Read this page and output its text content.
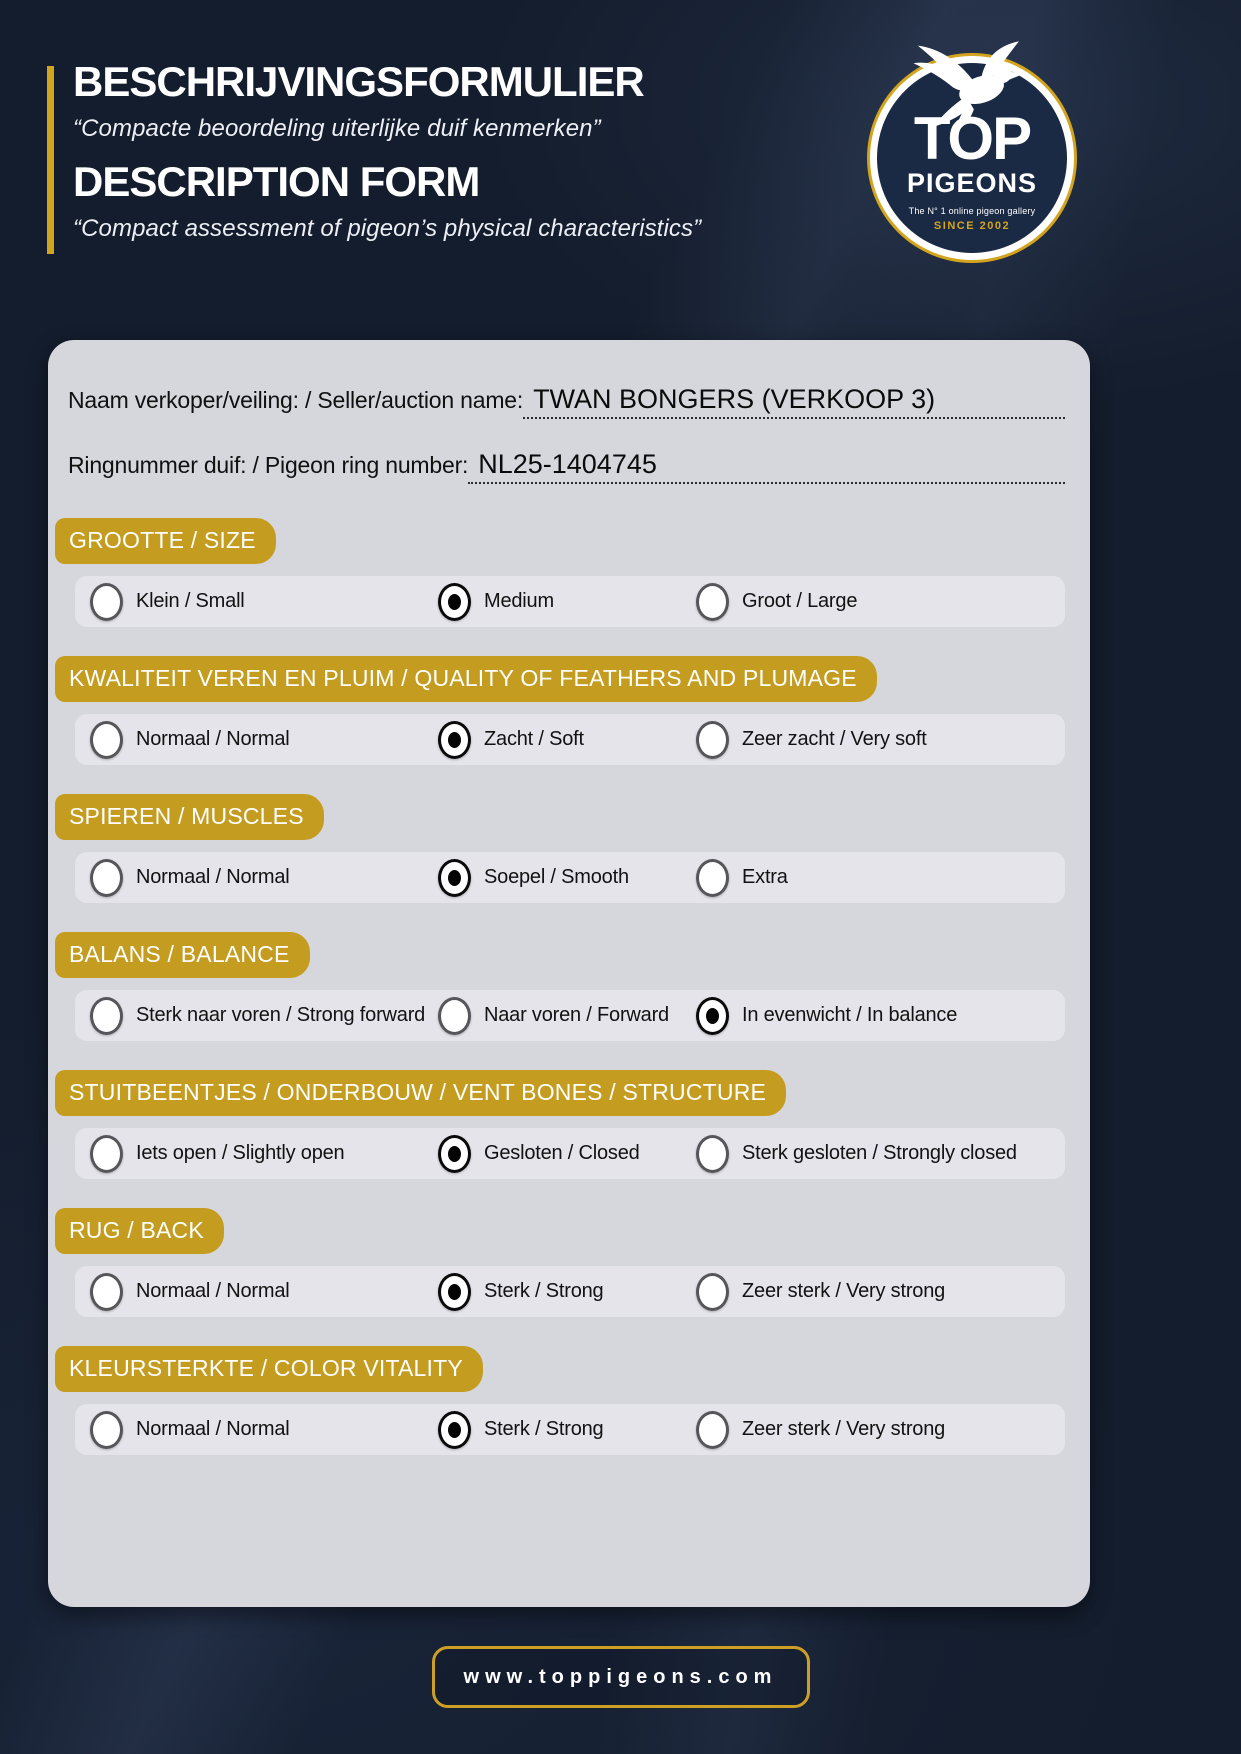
BESCHRIJVINGSFORMULIER

“Compacte beoordeling uiterlijke duif kenmerken”

DESCRIPTION FORM

“Compact assessment of pigeon’s physical characteristics”

TOP
PIGEONS
The N° 1 online pigeon gallery
SINCE 2002
Naam verkoper/veiling: / Seller/auction name: TWAN BONGERS (VERKOOP 3)
Ringnummer duif: / Pigeon ring number: NL25-1404745
GROOTTE / SIZE
Klein / Small	Medium	Groot / Large
KWALITEIT VEREN EN PLUIM / QUALITY OF FEATHERS AND PLUMAGE
Normaal / Normal	Zacht / Soft	Zeer zacht / Very soft
SPIEREN / MUSCLES
Normaal / Normal	Soepel / Smooth	Extra
BALANS / BALANCE
Sterk naar voren / Strong forward	Naar voren / Forward	In evenwicht / In balance
STUITBEENTJES / ONDERBOUW / VENT BONES / STRUCTURE
Iets open / Slightly open	Gesloten / Closed	Sterk gesloten / Strongly closed
RUG / BACK
Normaal / Normal	Sterk / Strong	Zeer sterk / Very strong
KLEURSTERKTE / COLOR VITALITY
Normaal / Normal	Sterk / Strong	Zeer sterk / Very strong
www.toppigeons.com
